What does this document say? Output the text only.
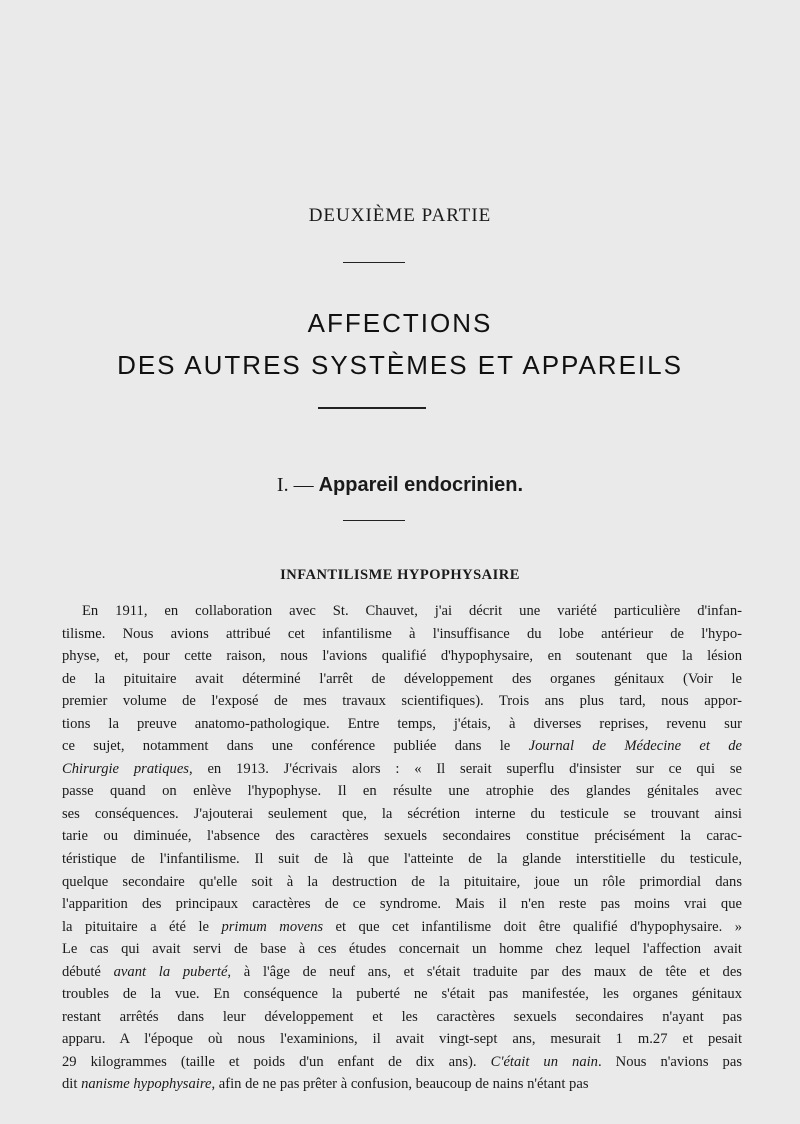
DEUXIÈME PARTIE
AFFECTIONS
DES AUTRES SYSTÈMES ET APPAREILS
I. — Appareil endocrinien.
INFANTILISME HYPOPHYSAIRE
En 1911, en collaboration avec St. Chauvet, j'ai décrit une variété particulière d'infan-
tilisme. Nous avions attribué cet infantilisme à l'insuffisance du lobe antérieur de l'hypo-
physe, et, pour cette raison, nous l'avions qualifié d'hypophysaire, en soutenant que la lésion
de la pituitaire avait déterminé l'arrêt de développement des organes génitaux (Voir le
premier volume de l'exposé de mes travaux scientifiques). Trois ans plus tard, nous appor-
tions la preuve anatomo-pathologique. Entre temps, j'étais, à diverses reprises, revenu sur
ce sujet, notamment dans une conférence publiée dans le Journal de Médecine et de
Chirurgie pratiques, en 1913. J'écrivais alors : « Il serait superflu d'insister sur ce qui se
passe quand on enlève l'hypophyse. Il en résulte une atrophie des glandes génitales avec
ses conséquences. J'ajouterai seulement que, la sécrétion interne du testicule se trouvant ainsi
tarie ou diminuée, l'absence des caractères sexuels secondaires constitue précisément la carac-
téristique de l'infantilisme. Il suit de là que l'atteinte de la glande interstitielle du testicule,
quelque secondaire qu'elle soit à la destruction de la pituitaire, joue un rôle primordial dans
l'apparition des principaux caractères de ce syndrome. Mais il n'en reste pas moins vrai que
la pituitaire a été le primum movens et que cet infantilisme doit être qualifié d'hypophysaire. »
Le cas qui avait servi de base à ces études concernait un homme chez lequel l'affection avait
débuté avant la puberté, à l'âge de neuf ans, et s'était traduite par des maux de tête et des
troubles de la vue. En conséquence la puberté ne s'était pas manifestée, les organes génitaux
restant arrêtés dans leur développement et les caractères sexuels secondaires n'ayant pas
apparu. A l'époque où nous l'examinions, il avait vingt-sept ans, mesurait 1 m.27 et pesait
29 kilogrammes (taille et poids d'un enfant de dix ans). C'était un nain. Nous n'avions pas
dit nanisme hypophysaire, afin de ne pas prêter à confusion, beaucoup de nains n'étant pas
